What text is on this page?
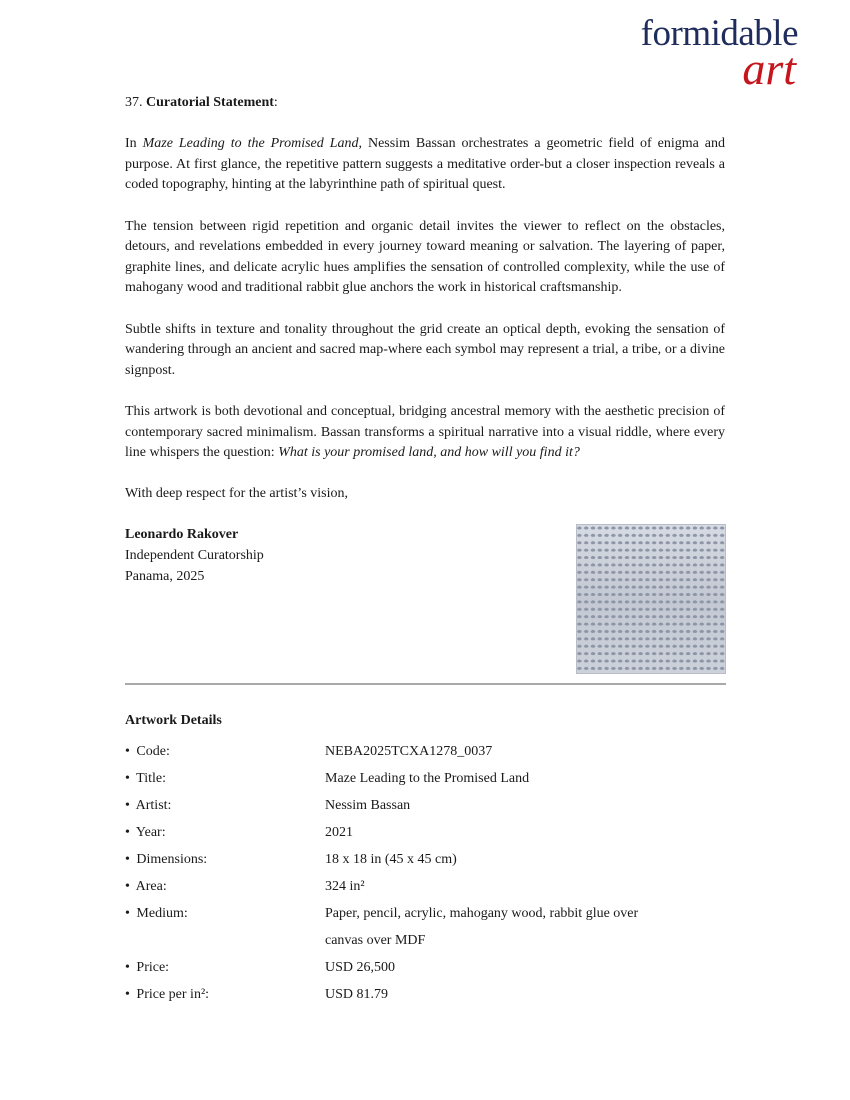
formidable
art

37. Curatorial Statement:

In Maze Leading to the Promised Land, Nessim Bassan orchestrates a geometric field of enigma and purpose. At first glance, the repetitive pattern suggests a meditative order-but a closer inspection reveals a coded topography, hinting at the labyrinthine path of spiritual quest.

The tension between rigid repetition and organic detail invites the viewer to reflect on the obstacles, detours, and revelations embedded in every journey toward meaning or salvation. The layering of paper, graphite lines, and delicate acrylic hues amplifies the sensation of controlled complexity, while the use of mahogany wood and traditional rabbit glue anchors the work in historical craftsmanship.

Subtle shifts in texture and tonality throughout the grid create an optical depth, evoking the sensation of wandering through an ancient and sacred map-where each symbol may represent a trial, a tribe, or a divine signpost.

This artwork is both devotional and conceptual, bridging ancestral memory with the aesthetic precision of contemporary sacred minimalism. Bassan transforms a spiritual narrative into a visual riddle, where every line whispers the question: What is your promised land, and how will you find it?

With deep respect for the artist’s vision,

Leonardo Rakover
Independent Curatorship
Panama, 2025
Artwork Details
• Code:	NEBA2025TCXA1278_0037
• Title:	Maze Leading to the Promised Land
• Artist:	Nessim Bassan
• Year:	2021
• Dimensions:	18 x 18 in (45 x 45 cm)
• Area:	324 in²
• Medium:	Paper, pencil, acrylic, mahogany wood, rabbit glue over
canvas over MDF
• Price:	USD 26,500
• Price per in²:	USD 81.79
